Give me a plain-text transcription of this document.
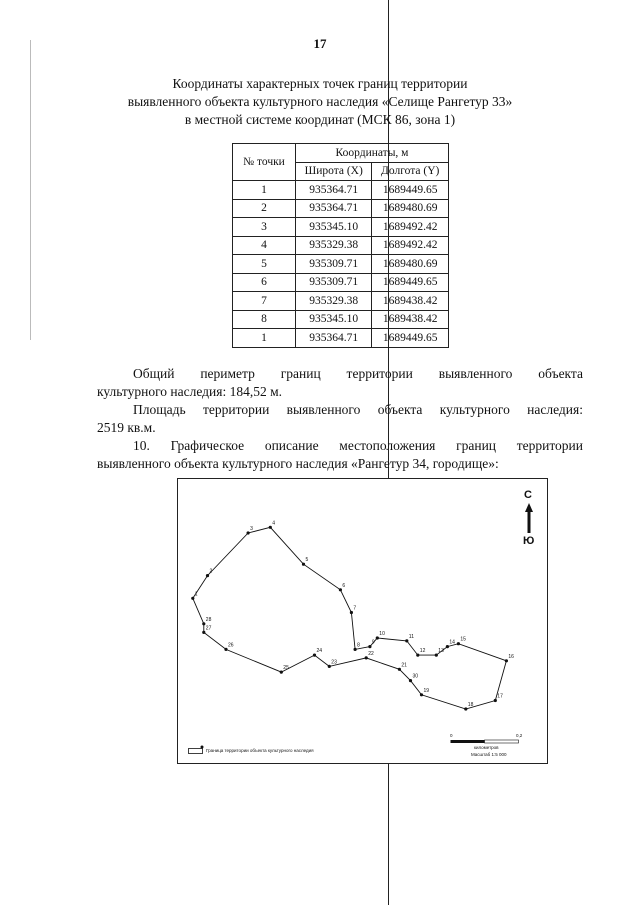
17
Координаты характерных точек границ территории
выявленного объекта культурного наследия «Селище Рангетур 33»
в местной системе координат (МСК 86, зона 1)
№ точки	Координаты, м	
	Широта (X)	Долгота (Y)
1	935364.71	1689449.65
2	935364.71	1689480.69
3	935345.10	1689492.42
4	935329.38	1689492.42
5	935309.71	1689480.69
6	935309.71	1689449.65
7	935329.38	1689438.42
8	935345.10	1689438.42
1	935364.71	1689449.65
Общий периметр границ территории выявленного объекта
культурного наследия: 184,52 м.
Площадь территории выявленного объекта культурного наследия:
2519 кв.м.
10. Графическое описание местоположения границ территории
выявленного объекта культурного наследия «Рангетур 34, городище»:
1
2
3
4
5
6
7
8 9
10	11
12	13
14 15
16
17
18
19
30
21
22
23
24
25
26
27
28
С
Ю
Граница территории объекта культурного наследия
0	0,2
километров
Масштаб 1:5 000
